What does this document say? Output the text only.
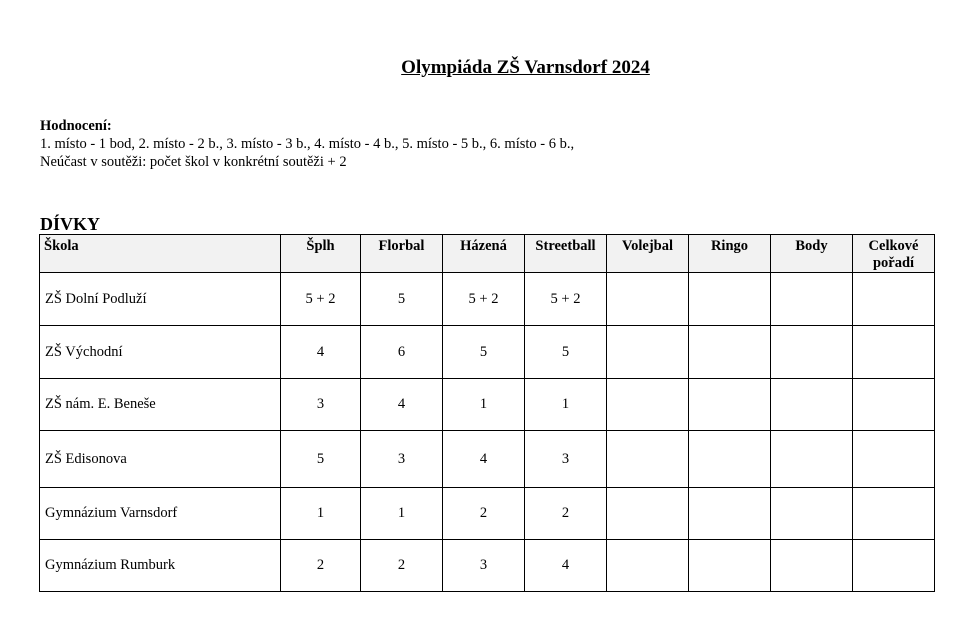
Olympiáda ZŠ Varnsdorf 2024
Hodnocení:
1. místo - 1 bod, 2. místo - 2 b., 3. místo - 3 b., 4. místo - 4 b., 5. místo - 5 b., 6. místo - 6 b.,
Neúčast v soutěži: počet škol v konkrétní soutěži + 2
DÍVKY
Škola	Šplh	Florbal	Házená	Streetball	Volejbal	Ringo	Body	Celkové pořadí
ZŠ Dolní Podluží	5 + 2	5	5 + 2	5 + 2				
ZŠ Východní	4	6	5	5				
ZŠ nám. E. Beneše	3	4	1	1				
ZŠ Edisonova	5	3	4	3				
Gymnázium Varnsdorf	1	1	2	2				
Gymnázium Rumburk	2	2	3	4				
